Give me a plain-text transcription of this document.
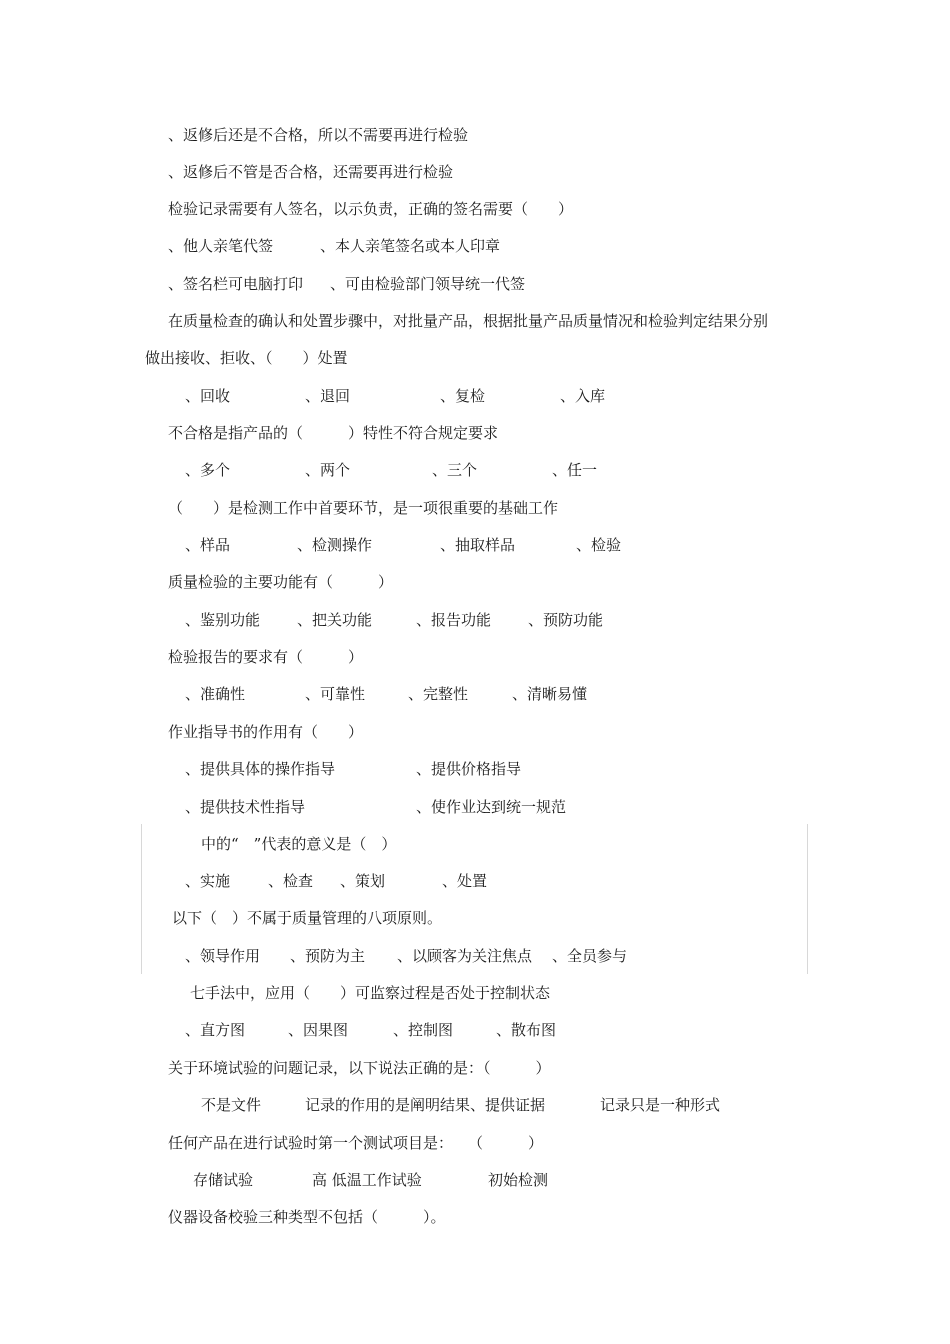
、返修后还是不合格，所以不需要再进行检验
、返修后不管是否合格，还需要再进行检验
检验记录需要有人签名，以示负责，正确的签名需要（　　）
、他人亲笔代签	、本人亲笔签名或本人印章
、签名栏可电脑打印 、可由检验部门领导统一代签
在质量检查的确认和处置步骤中，对批量产品，根据批量产品质量情况和检验判定结果分别
做出接收、拒收、（　　）处置
、回收	、退回	、复检	、入库
不合格是指产品的（　　　）特性不符合规定要求
、多个	、两个	、三个	、任一
（　　）是检测工作中首要环节，是一项很重要的基础工作
、样品	、检测操作	、抽取样品	、检验
质量检验的主要功能有（　　　）
、鉴别功能 、把关功能	、报告功能 、预防功能
检验报告的要求有（　　　）
、准确性	、可靠性	、完整性	、清晰易懂
作业指导书的作用有（　　）
、提供具体的操作指导	、提供价格指导
、提供技术性指导	、使作业达到统一规范
中的“　”代表的意义是（　）
、实施	、检查 、策划	、处置
以下（　）不属于质量管理的八项原则。
、领导作用 、预防为主 、以顾客为关注焦点 、全员参与
七手法中，应用（　　）可监察过程是否处于控制状态
、直方图	、因果图	、控制图	、散布图
关于环境试验的问题记录，以下说法正确的是：（　　　）
不是文件	记录的作用的是阐明结果、提供证据	记录只是一种形式
任何产品在进行试验时第一个测试项目是：　　（　　　）
存储试验	高 低温工作试验	初始检测
仪器设备校验三种类型不包括（　　　）。
